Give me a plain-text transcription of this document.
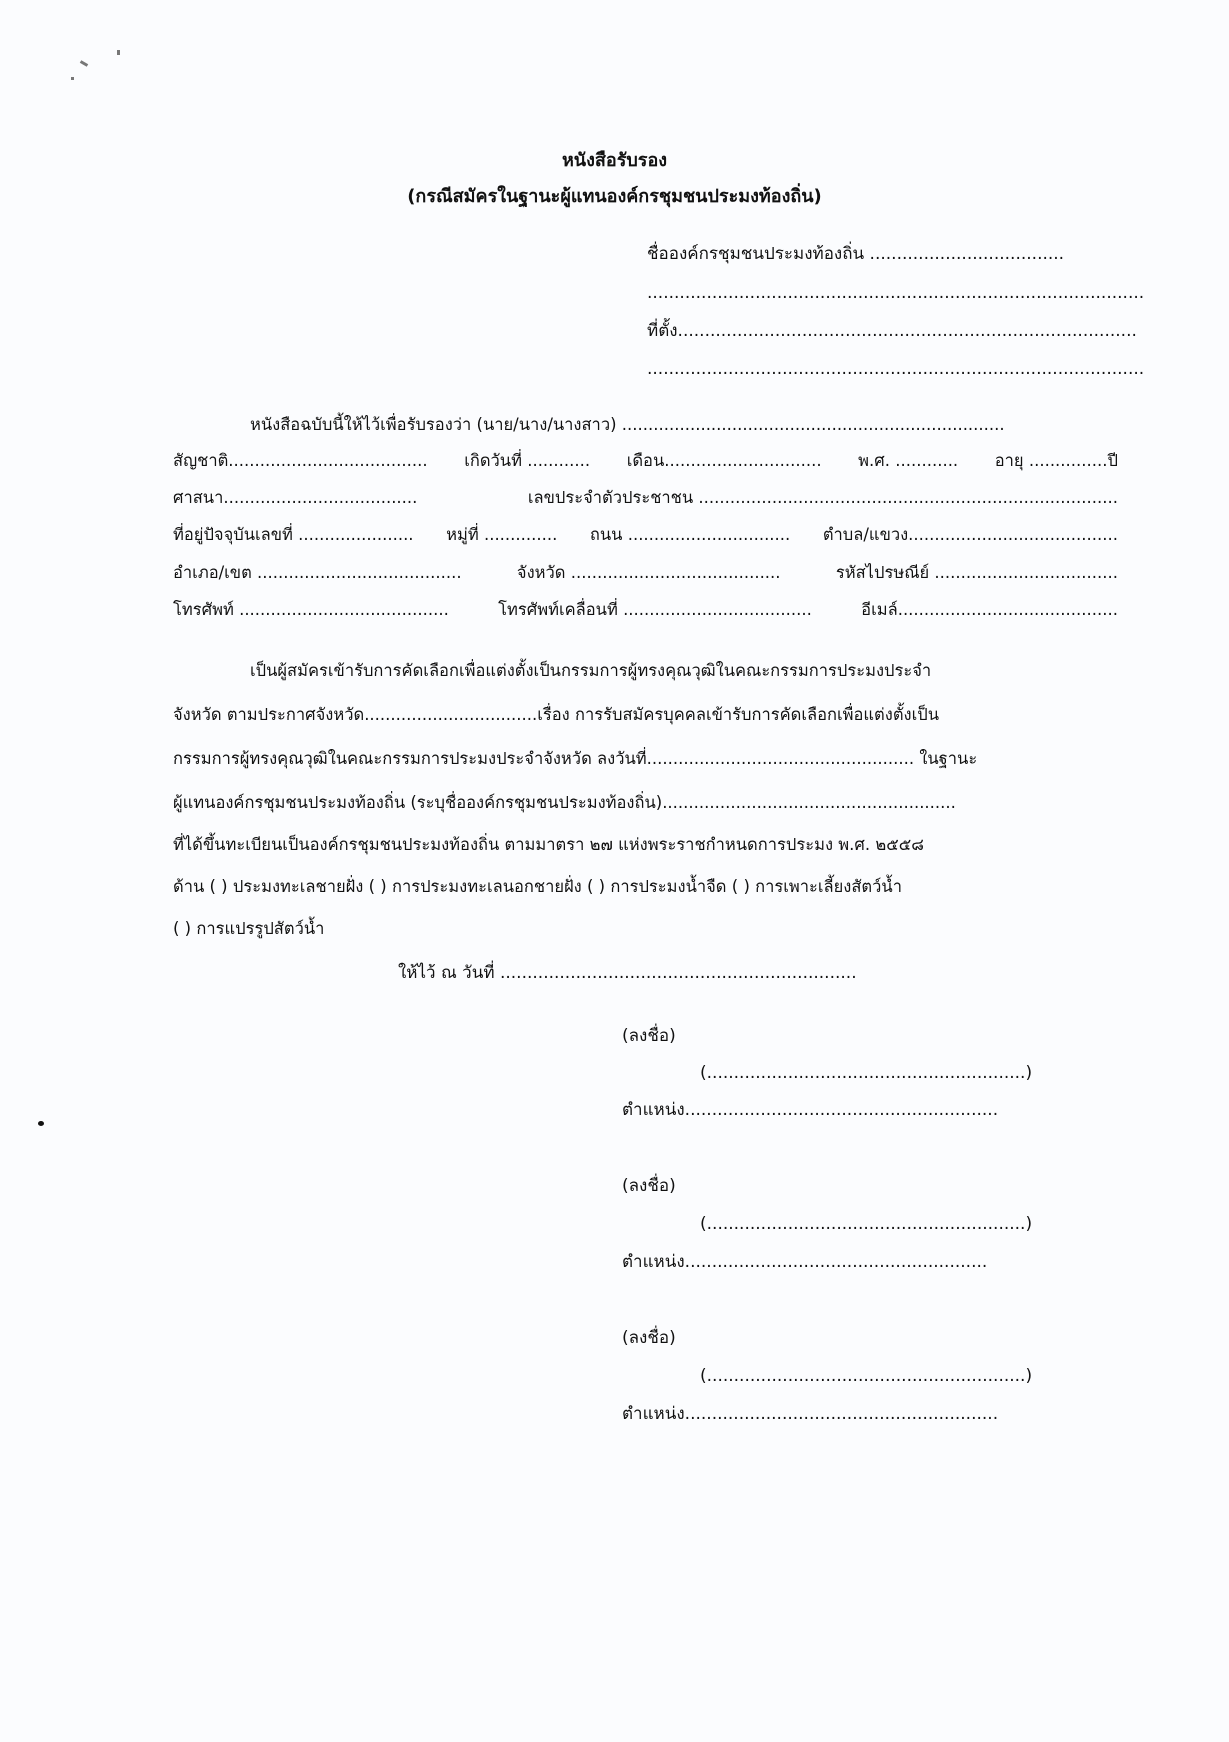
หนังสือรับรอง
(กรณีสมัครในฐานะผู้แทนองค์กรชุมชนประมงท้องถิ่น)
ชื่อองค์กรชุมชนประมงท้องถิ่น ....................................
............................................................................................
ที่ตั้ง.....................................................................................
............................................................................................
หนังสือฉบับนี้ให้ไว้เพื่อรับรองว่า (นาย/นาง/นางสาว) .........................................................................
สัญชาติ...................................... เกิดวันที่ ............ เดือน.............................. พ.ศ. ............ อายุ ...............ปี
ศาสนา.....................................	เลขประจำตัวประชาชน ................................................................................
ที่อยู่ปัจจุบันเลขที่ ...................... หมู่ที่ .............. ถนน ............................... ตำบล/แขวง........................................
อำเภอ/เขต .......................................	จังหวัด ........................................	รหัสไปรษณีย์ ...................................
โทรศัพท์ ........................................	โทรศัพท์เคลื่อนที่ ....................................	อีเมล์..........................................
เป็นผู้สมัครเข้ารับการคัดเลือกเพื่อแต่งตั้งเป็นกรรมการผู้ทรงคุณวุฒิในคณะกรรมการประมงประจำ
จังหวัด ตามประกาศจังหวัด.................................เรื่อง การรับสมัครบุคคลเข้ารับการคัดเลือกเพื่อแต่งตั้งเป็น
กรรมการผู้ทรงคุณวุฒิในคณะกรรมการประมงประจำจังหวัด ลงวันที่................................................... ในฐานะ
ผู้แทนองค์กรชุมชนประมงท้องถิ่น (ระบุชื่อองค์กรชุมชนประมงท้องถิ่น)........................................................
ที่ได้ขึ้นทะเบียนเป็นองค์กรชุมชนประมงท้องถิ่น ตามมาตรา ๒๗ แห่งพระราชกำหนดการประมง พ.ศ. ๒๕๕๘
ด้าน ( ) ประมงทะเลชายฝั่ง ( ) การประมงทะเลนอกชายฝั่ง ( ) การประมงน้ำจืด ( ) การเพาะเลี้ยงสัตว์น้ำ
( ) การแปรรูปสัตว์น้ำ
ให้ไว้ ณ วันที่ ..................................................................
(ลงชื่อ)
(...........................................................)
ตำแหน่ง..........................................................
(ลงชื่อ)
(...........................................................)
ตำแหน่ง........................................................
(ลงชื่อ)
(...........................................................)
ตำแหน่ง..........................................................
